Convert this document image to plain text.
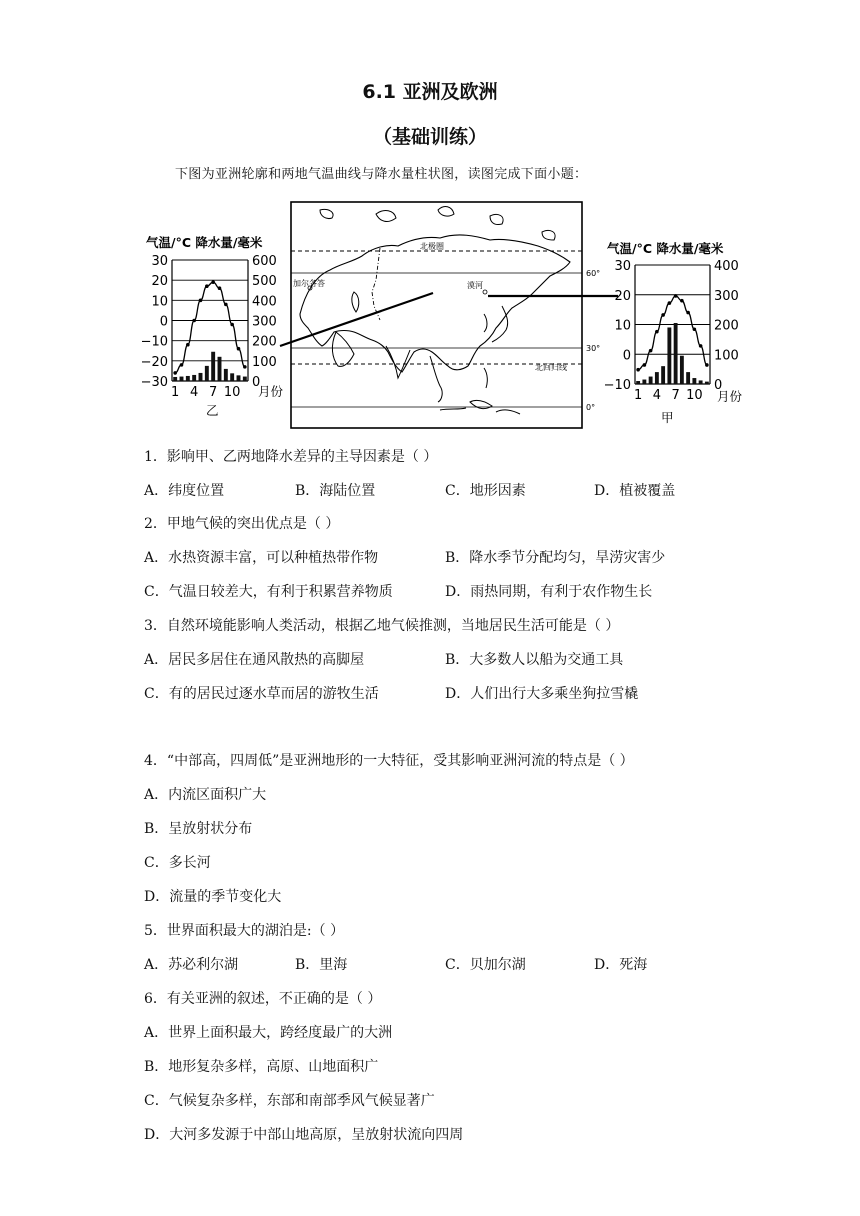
6.1 亚洲及欧洲
（基础训练）
下图为亚洲轮廓和两地气温曲线与降水量柱状图，读图完成下面小题：
北极圈
60°
30°
北回归线
0°
加尔各答	漠河
气温/°C 降水量/毫米
30	600
20	500
10	400
0	300
−10	200
−20	100
−30	0
1 4 7 10 月份
乙
气温/°C 降水量/毫米
30	400
20	300
10	200
0	100
−10	0
1 4 7 10 月份
甲
1．影响甲、乙两地降水差异的主导因素是（ ）
A．纬度位置	B．海陆位置	C．地形因素	D．植被覆盖
2．甲地气候的突出优点是（ ）
A．水热资源丰富，可以种植热带作物	B．降水季节分配均匀，旱涝灾害少
C．气温日较差大，有利于积累营养物质	D．雨热同期，有利于农作物生长
3．自然环境能影响人类活动，根据乙地气候推测，当地居民生活可能是（ ）
A．居民多居住在通风散热的高脚屋	B．大多数人以船为交通工具
C．有的居民过逐水草而居的游牧生活	D．人们出行大多乘坐狗拉雪橇
4．“中部高，四周低”是亚洲地形的一大特征，受其影响亚洲河流的特点是（ ）
A．内流区面积广大
B．呈放射状分布
C．多长河
D．流量的季节变化大
5．世界面积最大的湖泊是:（ ）
A．苏必利尔湖	B．里海	C．贝加尔湖	D．死海
6．有关亚洲的叙述，不正确的是（ ）
A．世界上面积最大，跨经度最广的大洲
B．地形复杂多样，高原、山地面积广
C．气候复杂多样，东部和南部季风气候显著广
D．大河多发源于中部山地高原，呈放射状流向四周
